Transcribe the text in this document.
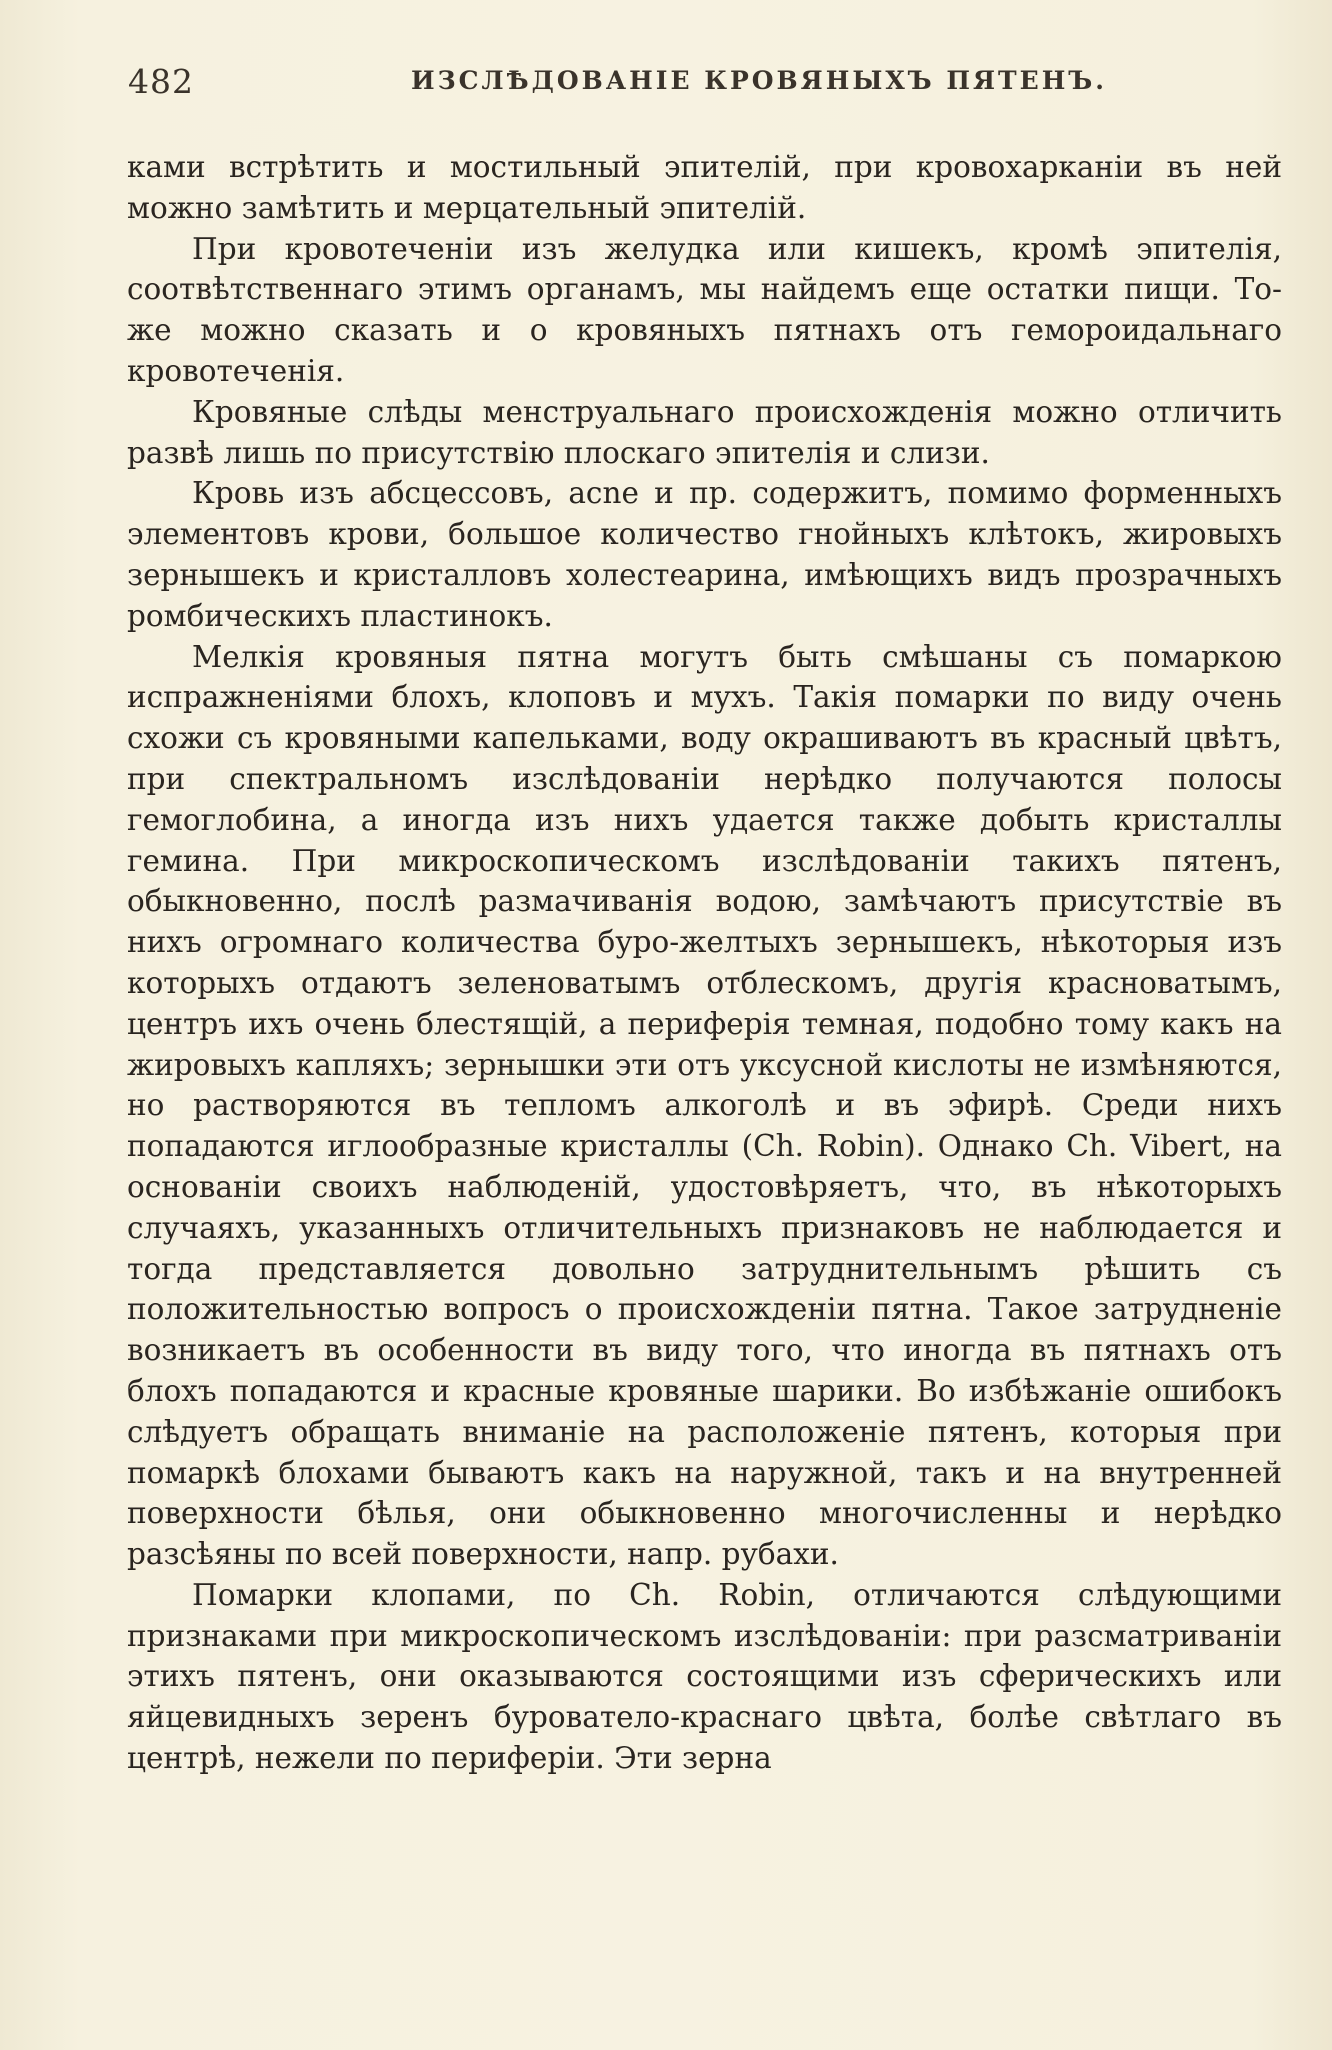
482	ИЗСЛѢДОВАНІЕ КРОВЯНЫХЪ ПЯТЕНЪ.

ками встрѣтить и мостильный эпителій, при кровохарканіи въ ней можно замѣтить и мерцательный эпителій.

При кровотеченіи изъ желудка или кишекъ, кромѣ эпителія, соотвѣтственнаго этимъ органамъ, мы найдемъ еще остатки пищи. То-же можно сказать и о кровяныхъ пятнахъ отъ гемороидальнаго кровотеченія.

Кровяные слѣды менструальнаго происхожденія можно отличить развѣ лишь по присутствію плоскаго эпителія и слизи.

Кровь изъ абсцессовъ, acne и пр. содержитъ, помимо форменныхъ элементовъ крови, большое количество гнойныхъ клѣтокъ, жировыхъ зернышекъ и кристалловъ холестеарина, имѣющихъ видъ прозрачныхъ ромбическихъ пластинокъ.

Мелкія кровяныя пятна могутъ быть смѣшаны съ помаркою испражненіями блохъ, клоповъ и мухъ. Такія помарки по виду очень схожи съ кровяными капельками, воду окрашиваютъ въ красный цвѣтъ, при спектральномъ изслѣдованіи нерѣдко получаются полосы гемоглобина, а иногда изъ нихъ удается также добыть кристаллы гемина. При микроскопическомъ изслѣдованіи такихъ пятенъ, обыкновенно, послѣ размачиванія водою, замѣчаютъ присутствіе въ нихъ огромнаго количества буро-желтыхъ зернышекъ, нѣкоторыя изъ которыхъ отдаютъ зеленоватымъ отблескомъ, другія красноватымъ, центръ ихъ очень блестящій, а периферія темная, подобно тому какъ на жировыхъ капляхъ; зернышки эти отъ уксусной кислоты не измѣняются, но растворяются въ тепломъ алкоголѣ и въ эфирѣ. Среди нихъ попадаются иглообразные кристаллы (Ch. Robin). Однако Ch. Vibert, на основаніи своихъ наблюденій, удостовѣряетъ, что, въ нѣкоторыхъ случаяхъ, указанныхъ отличительныхъ признаковъ не наблюдается и тогда представляется довольно затруднительнымъ рѣшить съ положительностью вопросъ о происхожденіи пятна. Такое затрудненіе возникаетъ въ особенности въ виду того, что иногда въ пятнахъ отъ блохъ попадаются и красные кровяные шарики. Во избѣжаніе ошибокъ слѣдуетъ обращать вниманіе на расположеніе пятенъ, которыя при помаркѣ блохами бываютъ какъ на наружной, такъ и на внутренней поверхности бѣлья, они обыкновенно многочисленны и нерѣдко разсѣяны по всей поверхности, напр. рубахи.

Помарки клопами, по Ch. Robin, отличаются слѣдующими признаками при микроскопическомъ изслѣдованіи: при разсматриваніи этихъ пятенъ, они оказываются состоящими изъ сферическихъ или яйцевидныхъ зеренъ бурователо-краснаго цвѣта, болѣе свѣтлаго въ центрѣ, нежели по периферіи. Эти зерна
